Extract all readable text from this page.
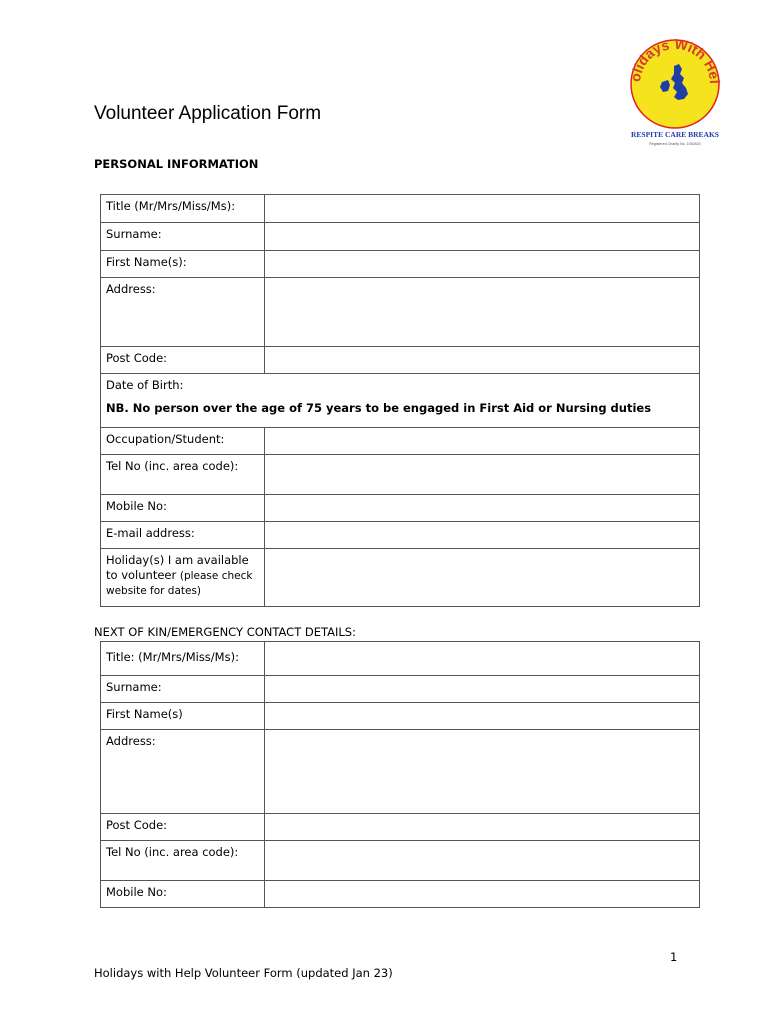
Volunteer Application Form
olidays With Hel
RESPITE CARE BREAKS
Registered Charity No. 1062624
PERSONAL INFORMATION
Title (Mr/Mrs/Miss/Ms):	
Surname:	
First Name(s):	
Address:	
Post Code:	

Date of Birth:
NB. No person over the age of 75 years to be engaged in First Aid or Nursing duties	

Occupation/Student:	
Tel No (inc. area code):	
Mobile No:	
E-mail address:	

Holiday(s) I am available
to volunteer (please check
website for dates)	

NEXT OF KIN/EMERGENCY CONTACT DETAILS:
Title: (Mr/Mrs/Miss/Ms):	
Surname:	
First Name(s)	
Address:	
Post Code:	
Tel No (inc. area code):	
Mobile No:	
1
Holidays with Help Volunteer Form (updated Jan 23)
